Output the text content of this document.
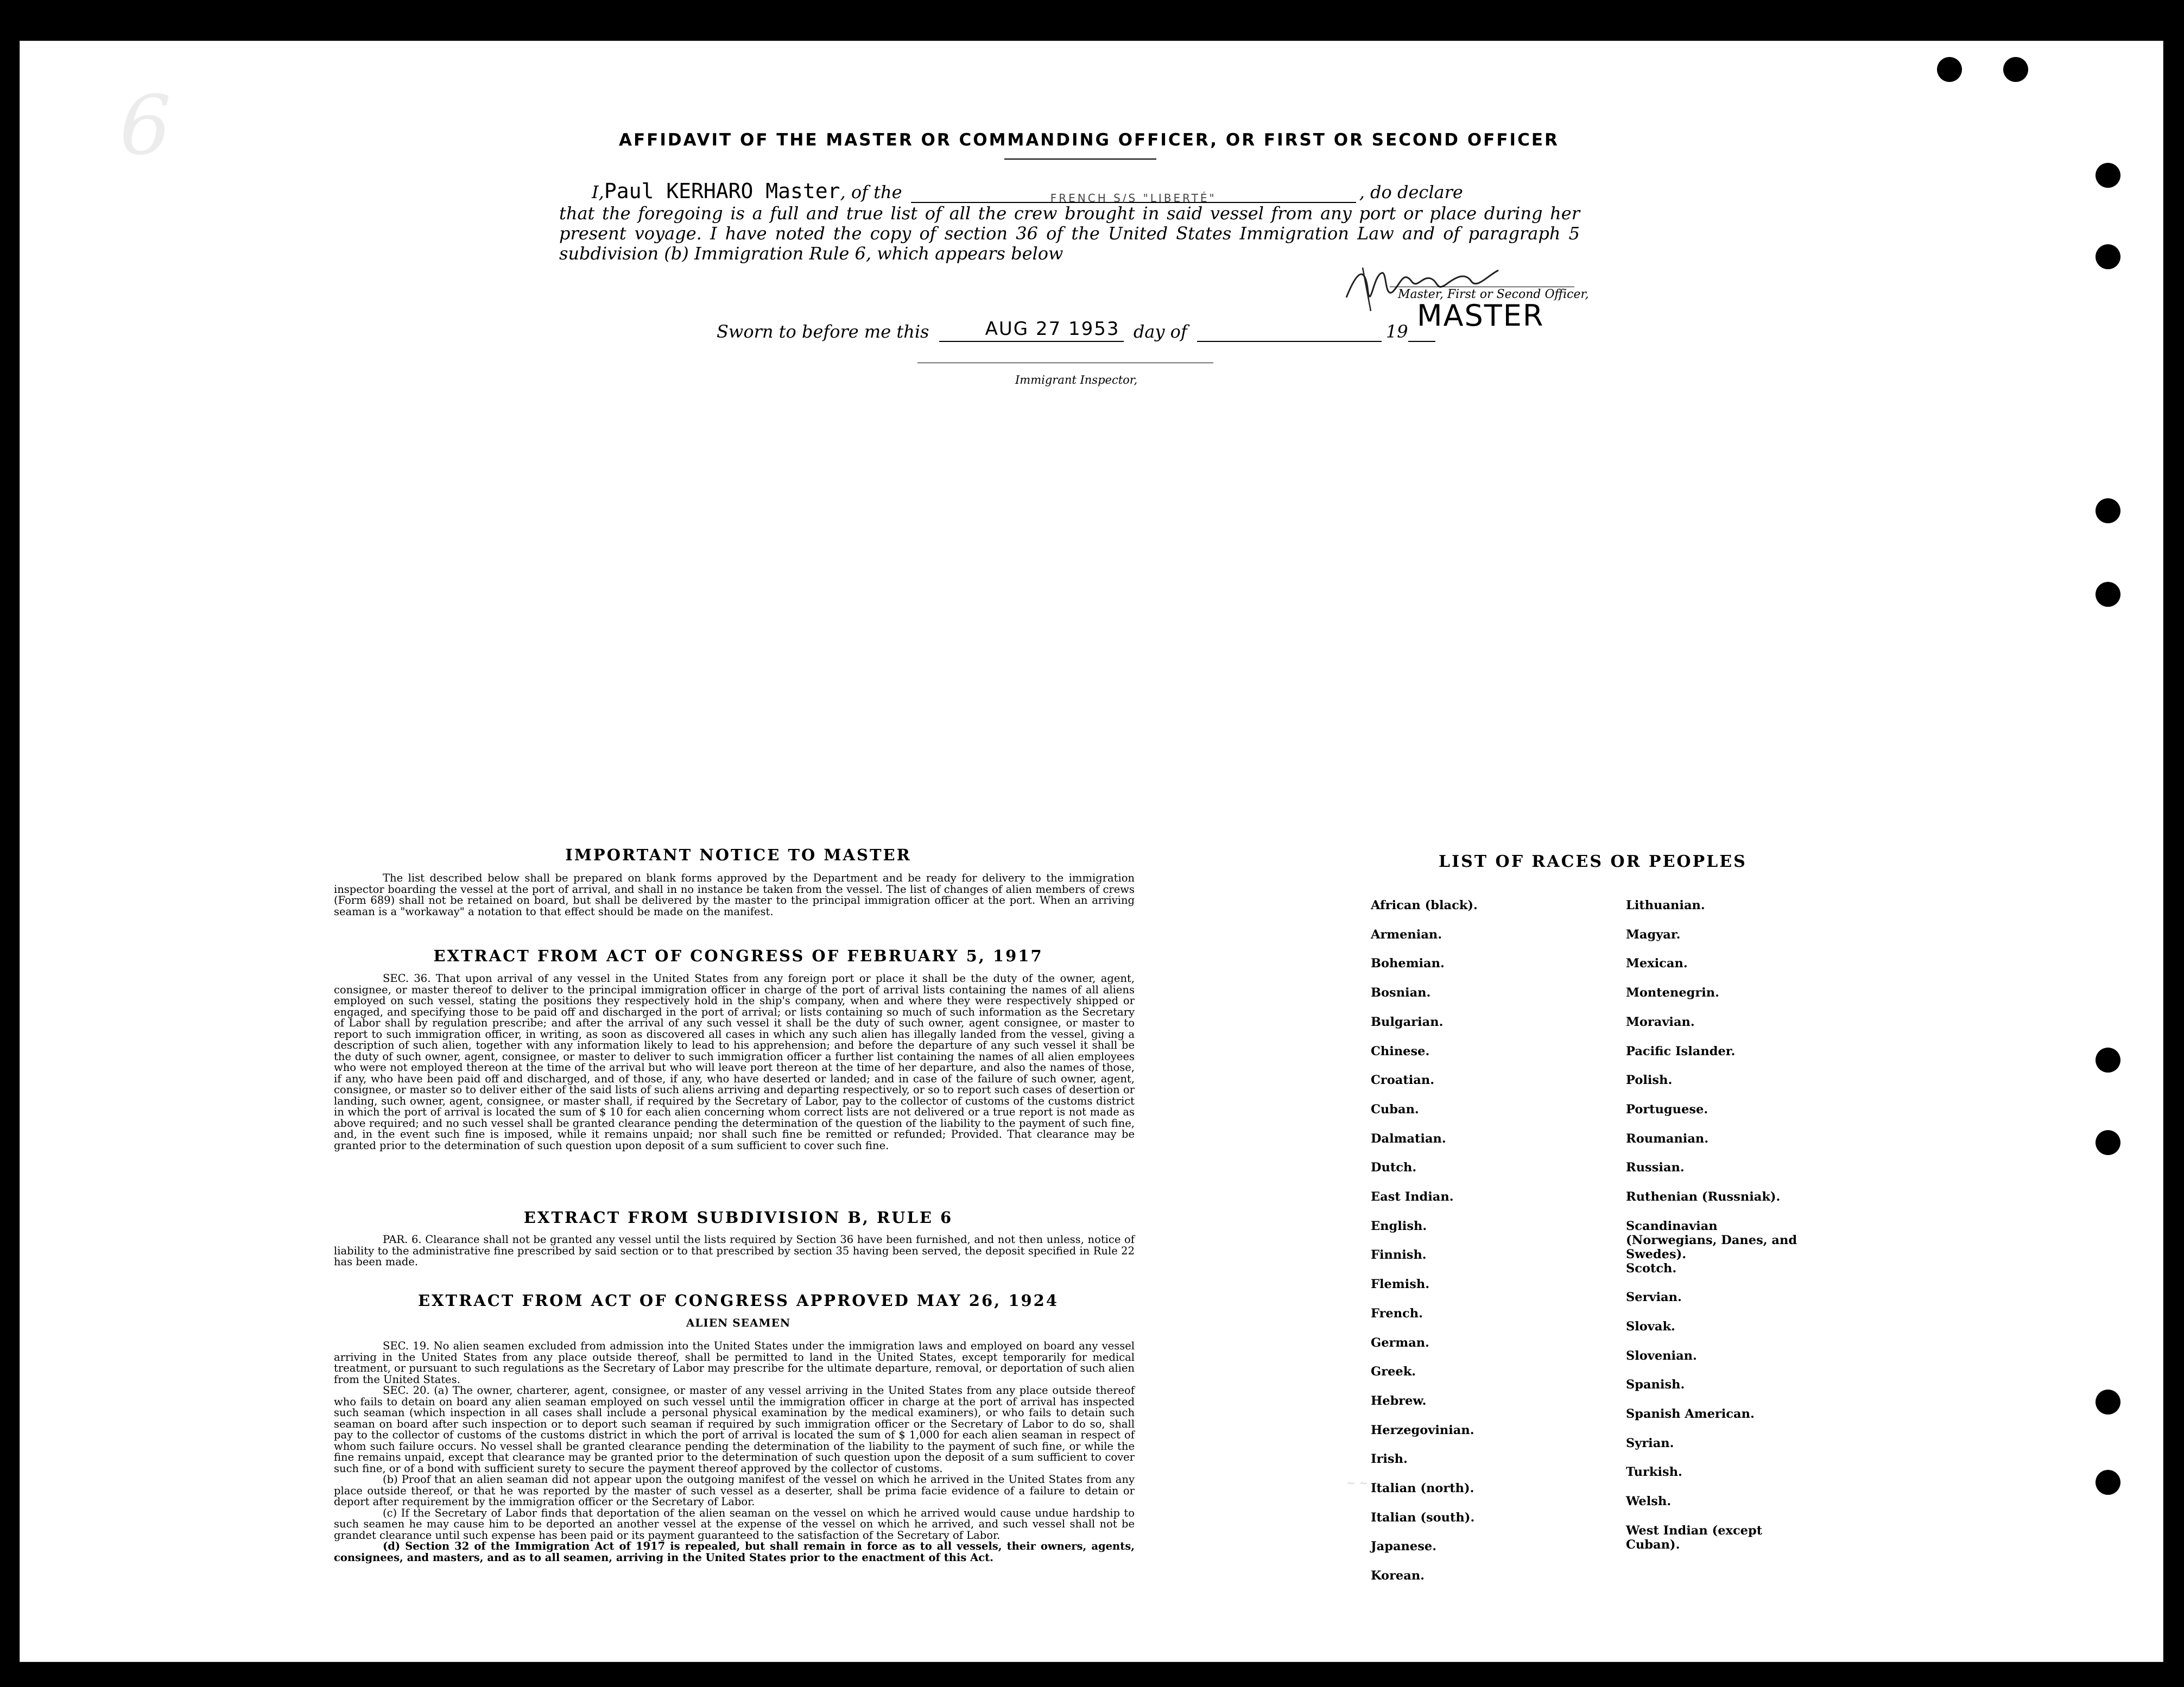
6
~ ~ ~
AFFIDAVIT OF THE MASTER OR COMMANDING OFFICER, OR FIRST OR SECOND OFFICER
I,Paul KERHARO Master, of the	FRENCH S/S "LIBERTÉ"	, do declare
that the foregoing is a full and true list of all the crew brought in said vessel from any port or place during her present voyage. I have noted the copy of section 36 of the United States Immigration Law and of paragraph 5 subdivision (b) Immigration Rule 6, which appears below
Master, First or Second Officer,
MASTER
Sworn to before me this	AUG 27 1953 day of	19
Immigrant Inspector,
IMPORTANT NOTICE TO MASTER

The list described below shall be prepared on blank forms approved by the Department and be ready for delivery to the immigration inspector boarding the vessel at the port of arrival, and shall in no instance be taken from the vessel. The list of changes of alien members of crews (Form 689) shall not be retained on board, but shall be delivered by the master to the principal immigration officer at the port. When an arriving seaman is a "workaway" a notation to that effect should be made on the manifest.

EXTRACT FROM ACT OF CONGRESS OF FEBRUARY 5, 1917

SEC. 36. That upon arrival of any vessel in the United States from any foreign port or place it shall be the duty of the owner, agent, consignee, or master thereof to deliver to the principal immigration officer in charge of the port of arrival lists containing the names of all aliens employed on such vessel, stating the positions they respectively hold in the ship's company, when and where they were respectively shipped or engaged, and specifying those to be paid off and discharged in the port of arrival; or lists containing so much of such information as the Secretary of Labor shall by regulation prescribe; and after the arrival of any such vessel it shall be the duty of such owner, agent consignee, or master to report to such immigration officer, in writing, as soon as discovered all cases in which any such alien has illegally landed from the vessel, giving a description of such alien, together with any information likely to lead to his apprehension; and before the departure of any such vessel it shall be the duty of such owner, agent, consignee, or master to deliver to such immigration officer a further list containing the names of all alien employees who were not employed thereon at the time of the arrival but who will leave port thereon at the time of her departure, and also the names of those, if any, who have been paid off and discharged, and of those, if any, who have deserted or landed; and in case of the failure of such owner, agent, consignee, or master so to deliver either of the said lists of such aliens arriving and departing respectively, or so to report such cases of desertion or landing, such owner, agent, consignee, or master shall, if required by the Secretary of Labor, pay to the collector of customs of the customs district in which the port of arrival is located the sum of $ 10 for each alien concerning whom correct lists are not delivered or a true report is not made as above required; and no such vessel shall be granted clearance pending the determination of the question of the liability to the payment of such fine, and, in the event such fine is imposed, while it remains unpaid; nor shall such fine be remitted or refunded; Provided. That clearance may be granted prior to the determination of such question upon deposit of a sum sufficient to cover such fine.

EXTRACT FROM SUBDIVISION B, RULE 6

PAR. 6. Clearance shall not be granted any vessel until the lists required by Section 36 have been furnished, and not then unless, notice of liability to the administrative fine prescribed by said section or to that prescribed by section 35 having been served, the deposit specified in Rule 22 has been made.

EXTRACT FROM ACT OF CONGRESS APPROVED MAY 26, 1924
ALIEN SEAMEN

SEC. 19. No alien seamen excluded from admission into the United States under the immigration laws and employed on board any vessel arriving in the United States from any place outside thereof, shall be permitted to land in the United States, except temporarily for medical treatment, or pursuant to such regulations as the Secretary of Labor may prescribe for the ultimate departure, removal, or deportation of such alien from the United States.

SEC. 20. (a) The owner, charterer, agent, consignee, or master of any vessel arriving in the United States from any place outside thereof who fails to detain on board any alien seaman employed on such vessel until the immigration officer in charge at the port of arrival has inspected such seaman (which inspection in all cases shall include a personal physical examination by the medical examiners), or who fails to detain such seaman on board after such inspection or to deport such seaman if required by such immigration officer or the Secretary of Labor to do so, shall pay to the collector of customs of the customs district in which the port of arrival is located the sum of $ 1,000 for each alien seaman in respect of whom such failure occurs. No vessel shall be granted clearance pending the determination of the liability to the payment of such fine, or while the fine remains unpaid, except that clearance may be granted prior to the determination of such question upon the deposit of a sum sufficient to cover such fine, or of a bond with sufficient surety to secure the payment thereof approved by the collector of customs.

(b) Proof that an alien seaman did not appear upon the outgoing manifest of the vessel on which he arrived in the United States from any place outside thereof, or that he was reported by the master of such vessel as a deserter, shall be prima facie evidence of a failure to detain or deport after requirement by the immigration officer or the Secretary of Labor.

(c) If the Secretary of Labor finds that deportation of the alien seaman on the vessel on which he arrived would cause undue hardship to such seamen he may cause him to be deported an another vessel at the expense of the vessel on which he arrived, and such vessel shall not be grandet clearance until such expense has been paid or its payment guaranteed to the satisfaction of the Secretary of Labor.

(d) Section 32 of the Immigration Act of 1917 is repealed, but shall remain in force as to all vessels, their owners, agents, consignees, and masters, and as to all seamen, arriving in the United States prior to the enactment of this Act.

LIST OF RACES OR PEOPLES
African (black).
Armenian.
Bohemian.
Bosnian.
Bulgarian.
Chinese.
Croatian.
Cuban.
Dalmatian.
Dutch.
East Indian.
English.
Finnish.
Flemish.
French.
German.
Greek.
Hebrew.
Herzegovinian.
Irish.
Italian (north).
Italian (south).
Japanese.
Korean.
Lithuanian.
Magyar.
Mexican.
Montenegrin.
Moravian.
Pacific Islander.
Polish.
Portuguese.
Roumanian.
Russian.
Ruthenian (Russniak).
Scandinavian (Norwegians, Danes, and Swedes).
Scotch.
Servian.
Slovak.
Slovenian.
Spanish.
Spanish American.
Syrian.
Turkish.
Welsh.
West Indian (except Cuban).
